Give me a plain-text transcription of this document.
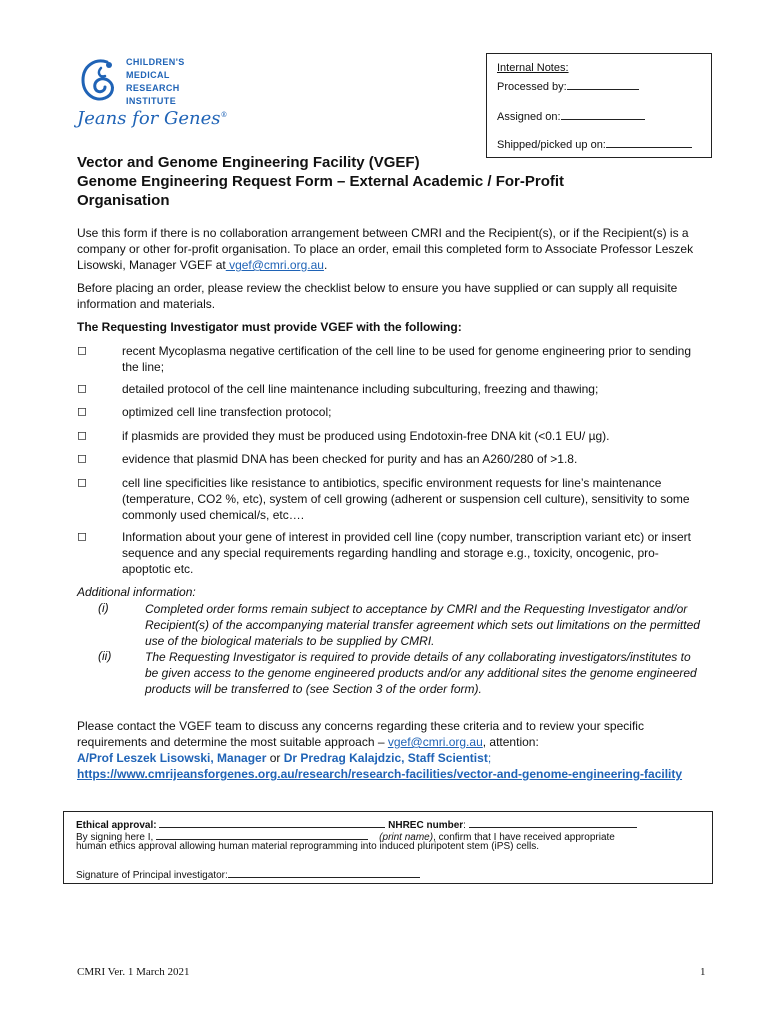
CHILDREN'S
MEDICAL
RESEARCH
INSTITUTE
Jeans for Genes®
Internal Notes:
Processed by:
Assigned on:
Shipped/picked up on:
Vector and Genome Engineering Facility (VGEF)
Genome Engineering Request Form – External Academic / For-Profit
Organisation
Use this form if there is no collaboration arrangement between CMRI and the Recipient(s), or if the Recipient(s) is a company or other for-profit organisation. To place an order, email this completed form to Associate Professor Leszek Lisowski, Manager VGEF at vgef@cmri.org.au.
Before placing an order, please review the checklist below to ensure you have supplied or can supply all requisite information and materials.
The Requesting Investigator must provide VGEF with the following:
◻	recent Mycoplasma negative certification of the cell line to be used for genome engineering prior to sending the line;
◻	detailed protocol of the cell line maintenance including subculturing, freezing and thawing;
◻	optimized cell line transfection protocol;
◻	if plasmids are provided they must be produced using Endotoxin-free DNA kit (<0.1 EU/ µg).
◻	evidence that plasmid DNA has been checked for purity and has an A260/280 of >1.8.
◻	cell line specificities like resistance to antibiotics, specific environment requests for line’s maintenance (temperature, CO2 %, etc), system of cell growing (adherent or suspension cell culture), sensitivity to some commonly used chemical/s, etc….
◻	Information about your gene of interest in provided cell line (copy number, transcription variant etc) or insert sequence and any special requirements regarding handling and storage e.g., toxicity, oncogenic, pro-apoptotic etc.
Additional information:
(i)	Completed order forms remain subject to acceptance by CMRI and the Requesting Investigator and/or Recipient(s) of the accompanying material transfer agreement which sets out limitations on the permitted use of the biological materials to be supplied by CMRI.
(ii)	The Requesting Investigator is required to provide details of any collaborating investigators/institutes to be given access to the genome engineered products and/or any additional sites the genome engineered products will be transferred to (see Section 3 of the order form).
Please contact the VGEF team to discuss any concerns regarding these criteria and to review your specific requirements and determine the most suitable approach – vgef@cmri.org.au, attention:
A/Prof Leszek Lisowski, Manager or Dr Predrag Kalajdzic, Staff Scientist;
https://www.cmrijeansforgenes.org.au/research/research-facilities/vector-and-genome-engineering-facility
Ethical approval:	NHREC number:
By signing here I,	(print name), confirm that I have received appropriate
human ethics approval allowing human material reprogramming into induced pluripotent stem (iPS) cells.
Signature of Principal investigator:
CMRI Ver. 1 March 2021	1
